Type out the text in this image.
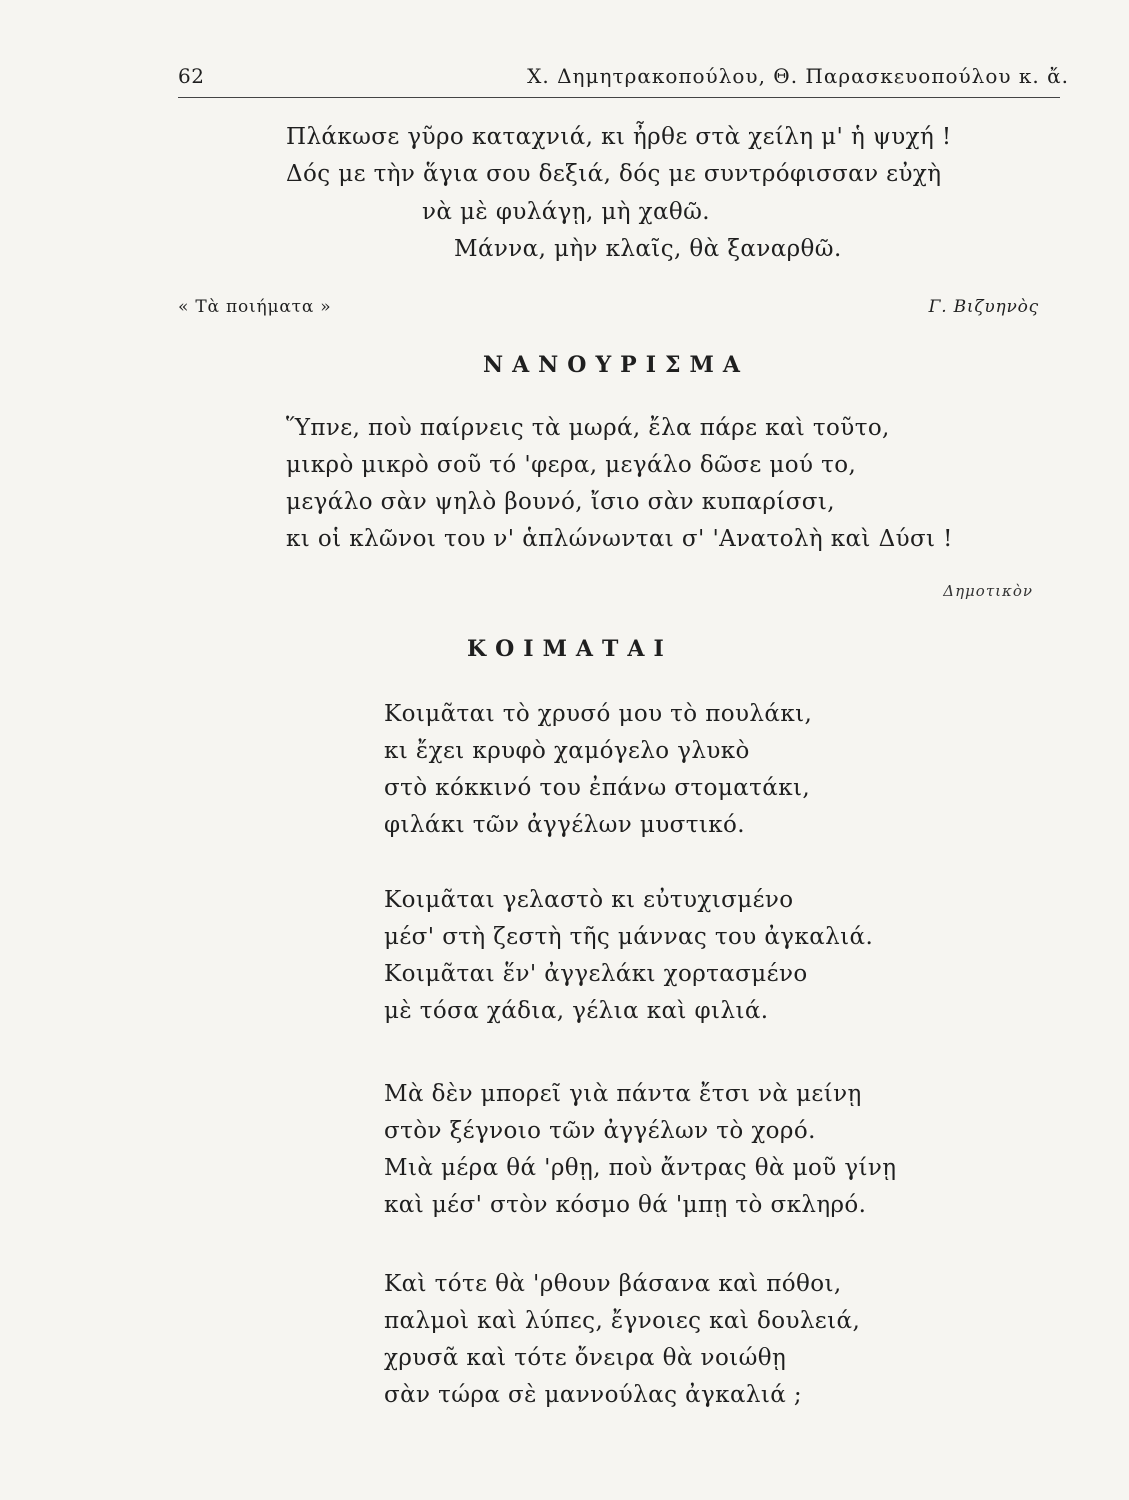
62	Χ. Δημητρακοπούλου, Θ. Παρασκευοπούλου κ. ἄ.
Πλάκωσε γῦρο καταχνιά, κι ἦρθε στὰ χείλη μ' ἡ ψυχή !
Δός με τὴν ἅγια σου δεξιά, δός με συντρόφισσαν εὐχὴ
νὰ μὲ φυλάγῃ, μὴ χαθῶ.
Μάννα, μὴν κλαῖς, θὰ ξαναρθῶ.
« Τὰ ποιήματα »	Γ. Βιζυηνὸς
ΝΑΝΟΥΡΙΣΜΑ
Ὕπνε, ποὺ παίρνεις τὰ μωρά, ἔλα πάρε καὶ τοῦτο,
μικρὸ μικρὸ σοῦ τό 'φερα, μεγάλο δῶσε μού το,
μεγάλο σὰν ψηλὸ βουνό, ἴσιο σὰν κυπαρίσσι,
κι οἱ κλῶνοι του ν' ἁπλώνωνται σ' 'Ανατολὴ καὶ Δύσι !
Δημοτικὸν
ΚΟΙΜΑΤΑΙ
Κοιμᾶται τὸ χρυσό μου τὸ πουλάκι,
κι ἔχει κρυφὸ χαμόγελο γλυκὸ
στὸ κόκκινό του ἐπάνω στοματάκι,
φιλάκι τῶν ἀγγέλων μυστικό.
Κοιμᾶται γελαστὸ κι εὐτυχισμένο
μέσ' στὴ ζεστὴ τῆς μάννας του ἀγκαλιά.
Κοιμᾶται ἕν' ἀγγελάκι χορτασμένο
μὲ τόσα χάδια, γέλια καὶ φιλιά.
Μὰ δὲν μπορεῖ γιὰ πάντα ἔτσι νὰ μείνῃ
στὸν ξέγνοιο τῶν ἀγγέλων τὸ χορό.
Μιὰ μέρα θά 'ρθῃ, ποὺ ἄντρας θὰ μοῦ γίνῃ
καὶ μέσ' στὸν κόσμο θά 'μπῃ τὸ σκληρό.
Καὶ τότε θὰ 'ρθουν βάσανα καὶ πόθοι,
παλμοὶ καὶ λύπες, ἔγνοιες καὶ δουλειά,
χρυσᾶ καὶ τότε ὄνειρα θὰ νοιώθῃ
σὰν τώρα σὲ μαννούλας ἀγκαλιά ;
